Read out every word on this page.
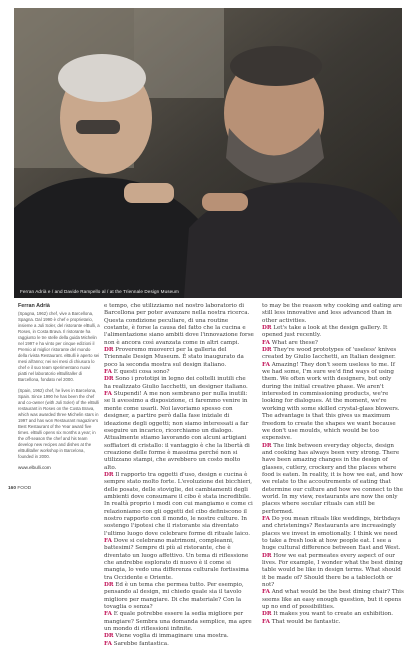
Ferran Adrià e / and Davide Rampello al / at the Triennale Design Museum
Ferran Adrià

(Spagna, 1962) chef, vive a Barcellona, Spagna. Dal 1990 è chef e proprietario, insieme a Juli Soler, del ristorante elBulli, a Roses, in Costa Brava. Il ristorante ha raggiunto le tre stelle della guida Michelin nel 1997 e ha vinto per cinque edizioni il Premio al miglior ristorante del mondo della rivista Restaurant. elBulli è aperto sei mesi all'anno; nei sei mesi di chiusura lo chef e il suo team sperimentano nuovi piatti nel laboratorio elBullitaller di Barcellona, fondato nel 2000.

(Spain, 1962) chef, he lives in Barcelona, Spain. Since 1990 he has been the chef and co-owner (with Juli Soler) of the elBulli restaurant in Roses on the Costa Brava, which was awarded three Michelin stars in 1997 and has won Restaurant magazine's Best Restaurant of the Year award five times. elBulli opens six months a year; in the off-season the chef and his team develop new recipes and dishes at the elBullitaller workshop in Barcelona, founded in 2000.

www.elbulli.com

e tempo, che utilizziamo nel nostro laboratorio di Barcellona per poter avanzare nella nostra ricerca. Questa condizione peculiare, di una routine costante, è forse la causa del fatto che la cucina e l'alimentazione siano ambiti dove l'innovazione forse non è ancora così avanzata come in altri campi.

DR Proveremo muoverci per la galleria del Triennale Design Museum. È stato inaugurato da poco la seconda mostra sul design italiano.

FA E questi cosa sono?

DR Sono i prototipi in legno dei coltelli inutili che ha realizzato Giulio Iacchetti, un designer italiano.

FA Stupendi! A me non sembrano per nulla inutili: se li avessimo a disposizione, ci faremmo venire in mente come usarli. Noi lavoriamo spesso con designer, a partire però dalla fase iniziale di ideazione degli oggetti; non siamo interessati a far eseguire un incarico, ricorchiamo un dialogo. Attualmente stiamo lavorando con alcuni artigiani soffiatori di cristallo: il vantaggio è che la libertà di creazione delle forme è massima perché non si utilizzano stampi, che avrebbero un costo molto alto.

DR Il rapporto tra oggetti d'uso, design e cucina è sempre stato molto forte. L'evoluzione dei bicchieri, delle posate, delle stoviglie, dei cambiamenti degli ambienti dove consumare il cibo è stata incredibile. In realtà proprio i modi con cui mangiamo e come ci relazioniamo con gli oggetti del cibo definiscono il nostro rapporto con il mondo, le nostre culture. In sostengo l'ipotesi che il ristorante sia diventato l'ultimo luogo dove celebrare forme di rituale laico.

FA Dove si celebrano matrimoni, compleanni, battesimi? Sempre di più al ristorante, che è diventato un luogo affettivo. Un tema di riflessione che andrebbe esplorato di nuovo è il come si mangia, lo vedo una differenza culturale fortissima tra Occidente e Oriente.

DR Ed è un tema che permea tutto. Per esempio, pensando al design, mi chiedo quale sia il tavolo migliore per mangiare. Di che materiale? Con la tovaglia o senza?

FA E quale potrebbe essere la sedia migliore per mangiare? Sembra una domanda semplice, ma apre un mondo di riflessioni infinite.

DR Viene voglia di immaginare una mostra.

FA Sarebbe fantastica.

to may be the reason why cooking and eating are still less innovative and less advanced than in other activities.

DR Let's take a look at the design gallery. It opened just recently.

FA What are these?

DR They're wood prototypes of 'useless' knives created by Giulio Iacchetti, an Italian designer.

FA Amazing! They don't seem useless to me. If we had some, I'm sure we'd find ways of using them. We often work with designers, but only during the initial creative phase. We aren't interested in commissioning products, we're looking for dialogues. At the moment, we're working with some skilled crystal-glass blowers. The advantage is that this gives us maximum freedom to create the shapes we want because we don't use moulds, which would be too expensive.

DR The link between everyday objects, design and cooking has always been very strong. There have been amazing changes in the design of glasses, cutlery, crockery and the places where food is eaten. In reality, it is how we eat, and how we relate to the accoutrements of eating that determine our culture and how we connect to the world. In my view, restaurants are now the only places where secular rituals can still be performed.

FA Do you mean rituals like weddings, birthdays and christenings? Restaurants are increasingly places we invest in emotionally. I think we need to take a fresh look at how people eat. I see a huge cultural difference between East and West.

DR How we eat permeates every aspect of our lives. For example, I wonder what the best dining table would be like in design terms. What should it be made of? Should there be a tablecloth or not?

FA And what would be the best dining chair? This seems like an easy enough question, but it opens up no end of possibilities.

DR It makes you want to create an exhibition.

FA That would be fantastic.

160 FOOD
